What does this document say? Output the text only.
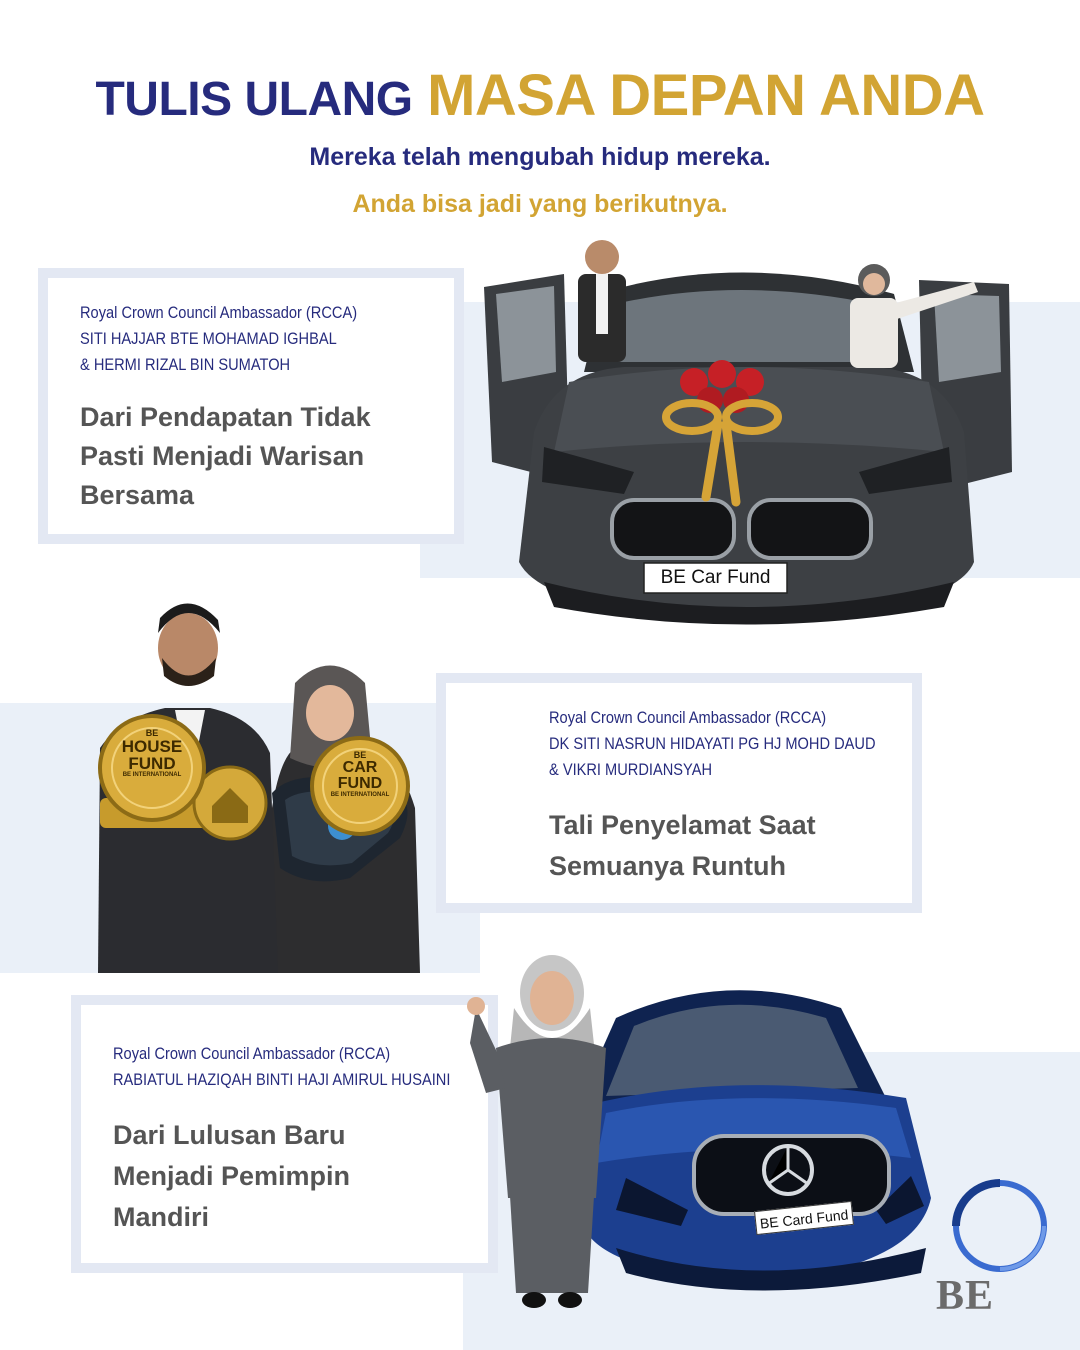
TULIS ULANG MASA DEPAN ANDA
Mereka telah mengubah hidup mereka.
Anda bisa jadi yang berikutnya.
Royal Crown Council Ambassador (RCCA)
SITI HAJJAR BTE MOHAMAD IGHBAL
& HERMI RIZAL BIN SUMATOH
Dari Pendapatan Tidak
Pasti Menjadi Warisan
Bersama
BE Car Fund
BE
HOUSE
FUND
BE INTERNATIONAL
BE
CAR
FUND
BE INTERNATIONAL
Royal Crown Council Ambassador (RCCA)
DK SITI NASRUN HIDAYATI PG HJ MOHD DAUD
& VIKRI MURDIANSYAH
Tali Penyelamat Saat
Semuanya Runtuh
Royal Crown Council Ambassador (RCCA)
RABIATUL HAZIQAH BINTI HAJI AMIRUL HUSAINI
Dari Lulusan Baru
Menjadi Pemimpin
Mandiri	BE Card Fund
BE
